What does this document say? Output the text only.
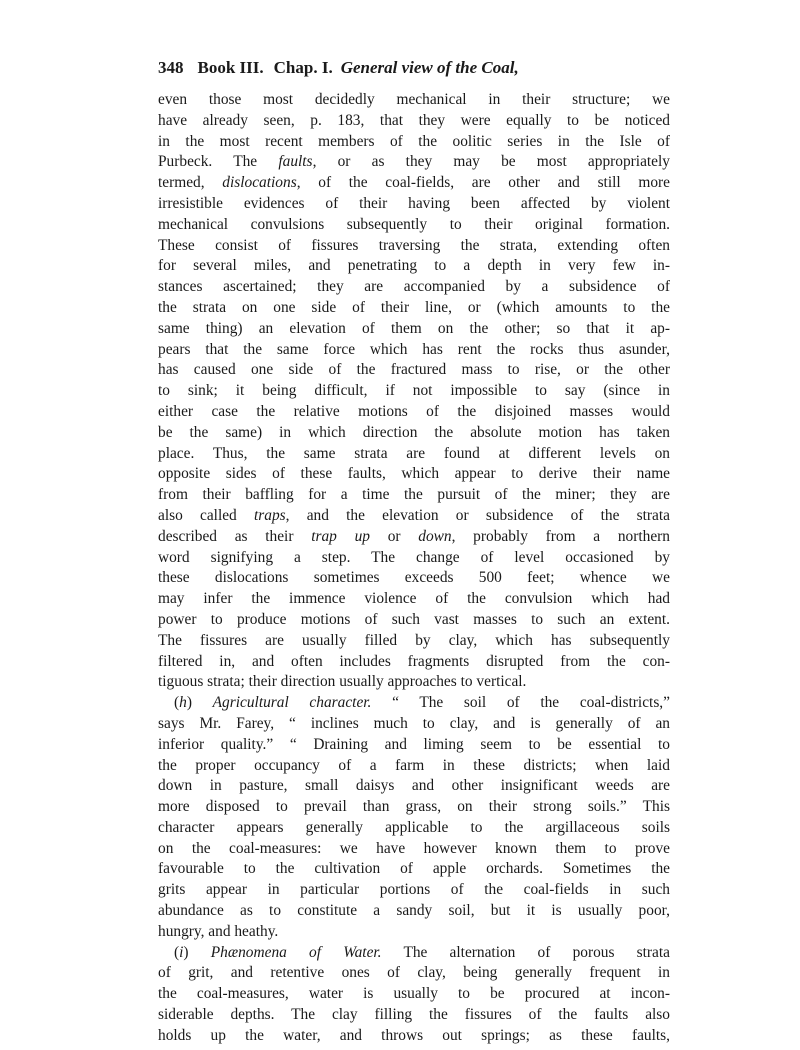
348 Book III. Chap. I. General view of the Coal,
even those most decidedly mechanical in their structure; we
have already seen, p. 183, that they were equally to be noticed
in the most recent members of the oolitic series in the Isle of
Purbeck. The faults, or as they may be most appropriately
termed, dislocations, of the coal-fields, are other and still more
irresistible evidences of their having been affected by violent
mechanical convulsions subsequently to their original formation.
These consist of fissures traversing the strata, extending often
for several miles, and penetrating to a depth in very few in-
stances ascertained; they are accompanied by a subsidence of
the strata on one side of their line, or (which amounts to the
same thing) an elevation of them on the other; so that it ap-
pears that the same force which has rent the rocks thus asunder,
has caused one side of the fractured mass to rise, or the other
to sink; it being difficult, if not impossible to say (since in
either case the relative motions of the disjoined masses would
be the same) in which direction the absolute motion has taken
place. Thus, the same strata are found at different levels on
opposite sides of these faults, which appear to derive their name
from their baffling for a time the pursuit of the miner; they are
also called traps, and the elevation or subsidence of the strata
described as their trap up or down, probably from a northern
word signifying a step. The change of level occasioned by
these dislocations sometimes exceeds 500 feet; whence we
may infer the immence violence of the convulsion which had
power to produce motions of such vast masses to such an extent.
The fissures are usually filled by clay, which has subsequently
filtered in, and often includes fragments disrupted from the con-
tiguous strata; their direction usually approaches to vertical.
(h) Agricultural character. “ The soil of the coal-districts,”
says Mr. Farey, “ inclines much to clay, and is generally of an
inferior quality.” “ Draining and liming seem to be essential to
the proper occupancy of a farm in these districts; when laid
down in pasture, small daisys and other insignificant weeds are
more disposed to prevail than grass, on their strong soils.” This
character appears generally applicable to the argillaceous soils
on the coal-measures: we have however known them to prove
favourable to the cultivation of apple orchards. Sometimes the
grits appear in particular portions of the coal-fields in such
abundance as to constitute a sandy soil, but it is usually poor,
hungry, and heathy.
(i) Phænomena of Water. The alternation of porous strata
of grit, and retentive ones of clay, being generally frequent in
the coal-measures, water is usually to be procured at incon-
siderable depths. The clay filling the fissures of the faults also
holds up the water, and throws out springs; as these faults,
